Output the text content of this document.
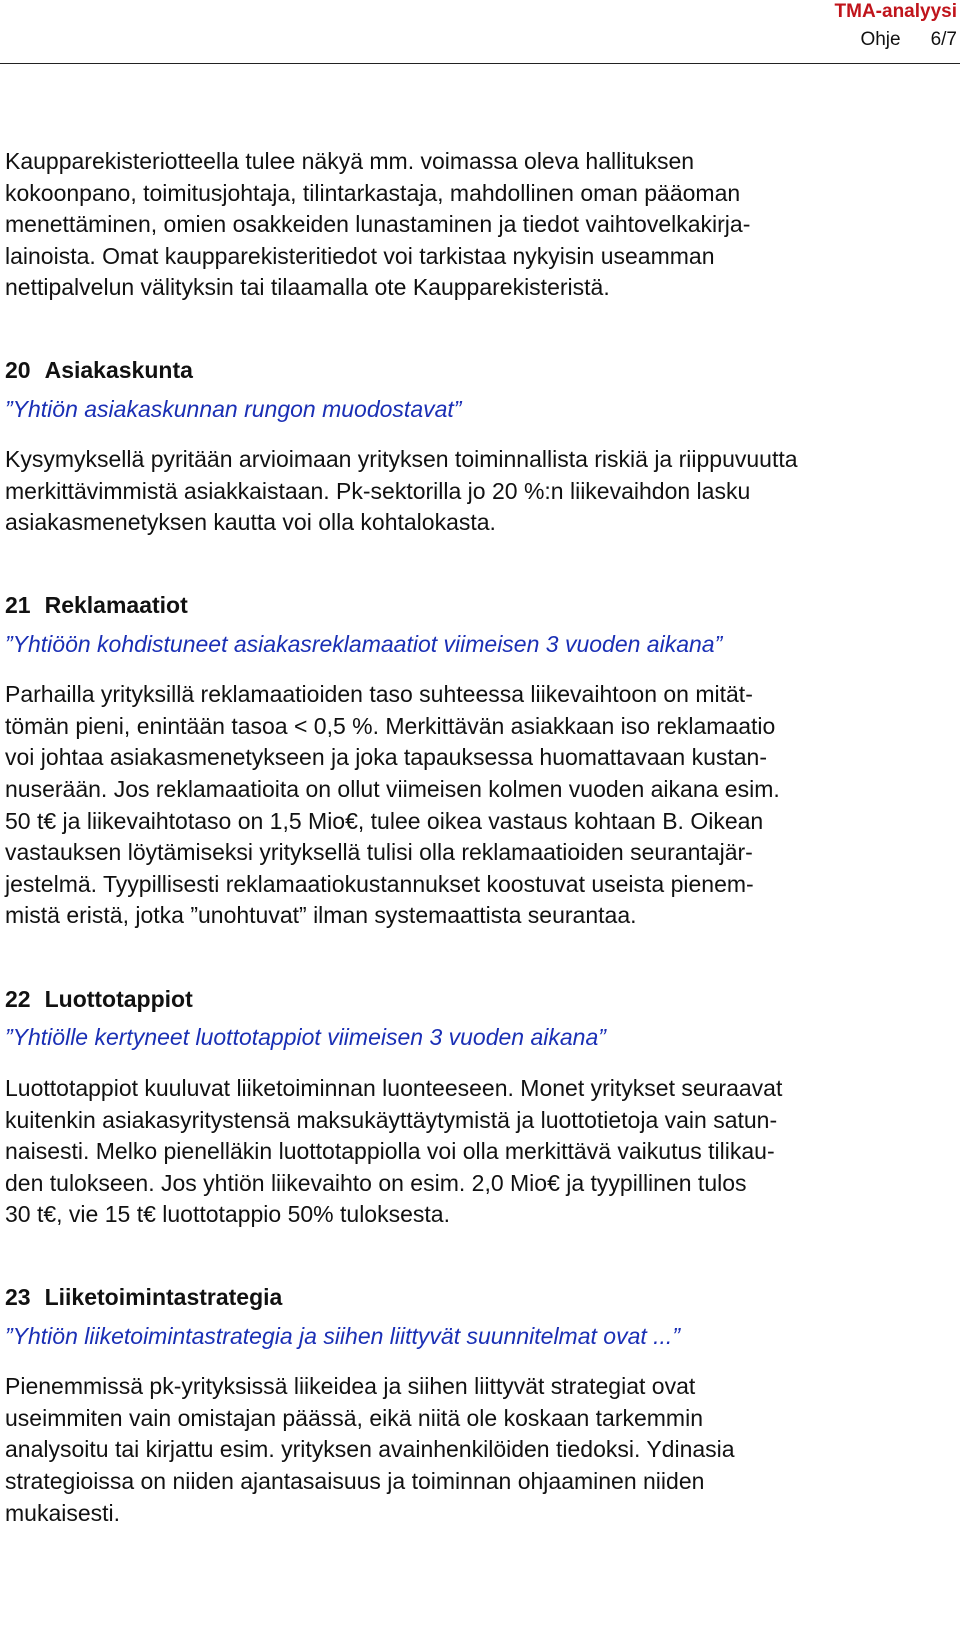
TMA-analyysi
Ohje 6/7

Kaupparekisteriotteella tulee näkyä mm. voimassa oleva hallituksen
kokoonpano, toimitusjohtaja, tilintarkastaja, mahdollinen oman pääoman
menettäminen, omien osakkeiden lunastaminen ja tiedot vaihtovelkakirja-
lainoista. Omat kaupparekisteritiedot voi tarkistaa nykyisin useamman
nettipalvelun välityksin tai tilaamalla ote Kaupparekisteristä.

20 Asiakaskunta
”Yhtiön asiakaskunnan rungon muodostavat”

Kysymyksellä pyritään arvioimaan yrityksen toiminnallista riskiä ja riippuvuutta
merkittävimmistä asiakkaistaan. Pk-sektorilla jo 20 %:n liikevaihdon lasku
asiakasmenetyksen kautta voi olla kohtalokasta.

21 Reklamaatiot
”Yhtiöön kohdistuneet asiakasreklamaatiot viimeisen 3 vuoden aikana”

Parhailla yrityksillä reklamaatioiden taso suhteessa liikevaihtoon on mität-
tömän pieni, enintään tasoa < 0,5 %. Merkittävän asiakkaan iso reklamaatio
voi johtaa asiakasmenetykseen ja joka tapauksessa huomattavaan kustan-
nuserään. Jos reklamaatioita on ollut viimeisen kolmen vuoden aikana esim.
50 t€ ja liikevaihtotaso on 1,5 Mio€, tulee oikea vastaus kohtaan B. Oikean
vastauksen löytämiseksi yrityksellä tulisi olla reklamaatioiden seurantajär-
jestelmä. Tyypillisesti reklamaatiokustannukset koostuvat useista pienem-
mistä eristä, jotka ”unohtuvat” ilman systemaattista seurantaa.

22 Luottotappiot
”Yhtiölle kertyneet luottotappiot viimeisen 3 vuoden aikana”

Luottotappiot kuuluvat liiketoiminnan luonteeseen. Monet yritykset seuraavat
kuitenkin asiakasyritystensä maksukäyttäytymistä ja luottotietoja vain satun-
naisesti. Melko pienelläkin luottotappiolla voi olla merkittävä vaikutus tilikau-
den tulokseen. Jos yhtiön liikevaihto on esim. 2,0 Mio€ ja tyypillinen tulos
30 t€, vie 15 t€ luottotappio 50% tuloksesta.

23 Liiketoimintastrategia
”Yhtiön liiketoimintastrategia ja siihen liittyvät suunnitelmat ovat ...”

Pienemmissä pk-yrityksissä liikeidea ja siihen liittyvät strategiat ovat
useimmiten vain omistajan päässä, eikä niitä ole koskaan tarkemmin
analysoitu tai kirjattu esim. yrityksen avainhenkilöiden tiedoksi. Ydinasia
strategioissa on niiden ajantasaisuus ja toiminnan ohjaaminen niiden
mukaisesti.
